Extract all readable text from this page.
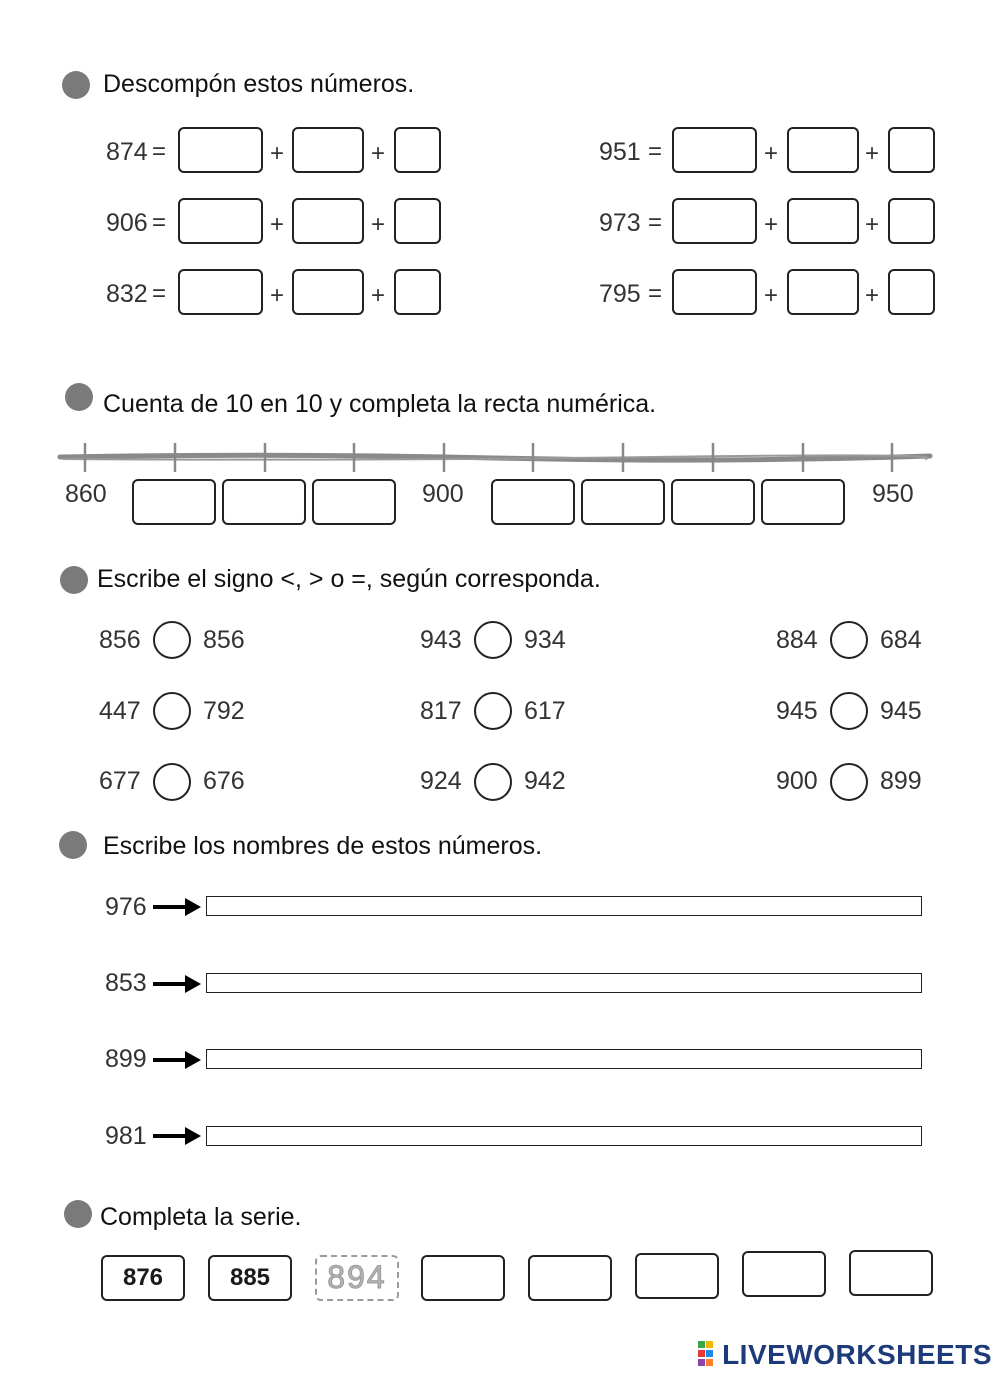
Descompón estos números.
874 =	+	+
906 =	+	+
832 =	+	+
951 =	+	+
973 =	+	+
795 =	+	+
Cuenta de 10 en 10 y completa la recta numérica.
860	900	950
Escribe el signo <, > o =, según corresponda.
856 856	943 934	884 684
447 792	817 617	945 945
677 676	924 942	900 899
Escribe los nombres de estos números.
976
853
899
981
Completa la serie.
876	885	894
LIVEWORKSHEETS
